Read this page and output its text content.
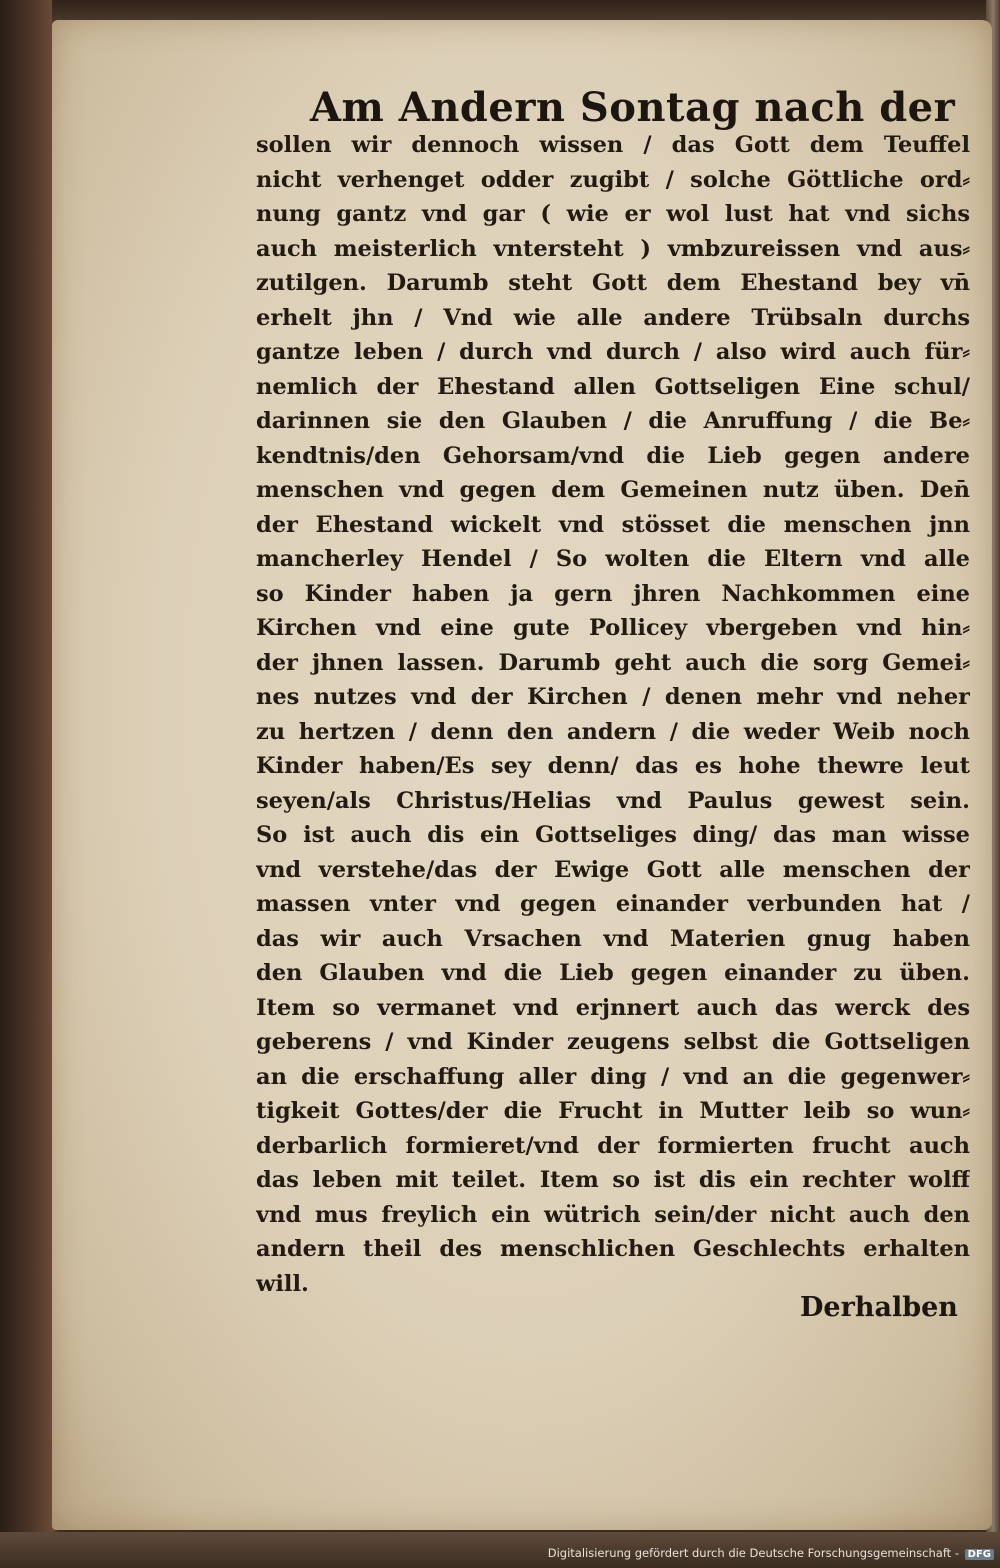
Am Andern Sontag nach der
sollen wir dennoch wissen / das Gott dem Teuffel
nicht verhenget odder zugibt / solche Göttliche ord⸗
nung gantz vnd gar ( wie er wol lust hat vnd sichs
auch meisterlich vntersteht ) vmbzureissen vnd aus⸗
zutilgen. Darumb steht Gott dem Ehestand bey vn̄
erhelt jhn / Vnd wie alle andere Trübsaln durchs
gantze leben / durch vnd durch / also wird auch für⸗
nemlich der Ehestand allen Gottseligen Eine schul/
darinnen sie den Glauben / die Anruffung / die Be⸗
kendtnis/den Gehorsam/vnd die Lieb gegen andere
menschen vnd gegen dem Gemeinen nutz üben. Den̄
der Ehestand wickelt vnd stösset die menschen jnn
mancherley Hendel / So wolten die Eltern vnd alle
so Kinder haben ja gern jhren Nachkommen eine
Kirchen vnd eine gute Pollicey vbergeben vnd hin⸗
der jhnen lassen. Darumb geht auch die sorg Gemei⸗
nes nutzes vnd der Kirchen / denen mehr vnd neher
zu hertzen / denn den andern / die weder Weib noch
Kinder haben/Es sey denn/ das es hohe thewre leut
seyen/als Christus/Helias vnd Paulus gewest sein.
So ist auch dis ein Gottseliges ding/ das man wisse
vnd verstehe/das der Ewige Gott alle menschen der
massen vnter vnd gegen einander verbunden hat /
das wir auch Vrsachen vnd Materien gnug haben
den Glauben vnd die Lieb gegen einander zu üben.
Item so vermanet vnd erjnnert auch das werck des
geberens / vnd Kinder zeugens selbst die Gottseligen
an die erschaffung aller ding / vnd an die gegenwer⸗
tigkeit Gottes/der die Frucht in Mutter leib so wun⸗
derbarlich formieret/vnd der formierten frucht auch
das leben mit teilet. Item so ist dis ein rechter wolff
vnd mus freylich ein wütrich sein/der nicht auch den
andern theil des menschlichen Geschlechts erhalten
will.
Derhalben
Digitalisierung gefördert durch die Deutsche Forschungsgemeinschaft - DFG
